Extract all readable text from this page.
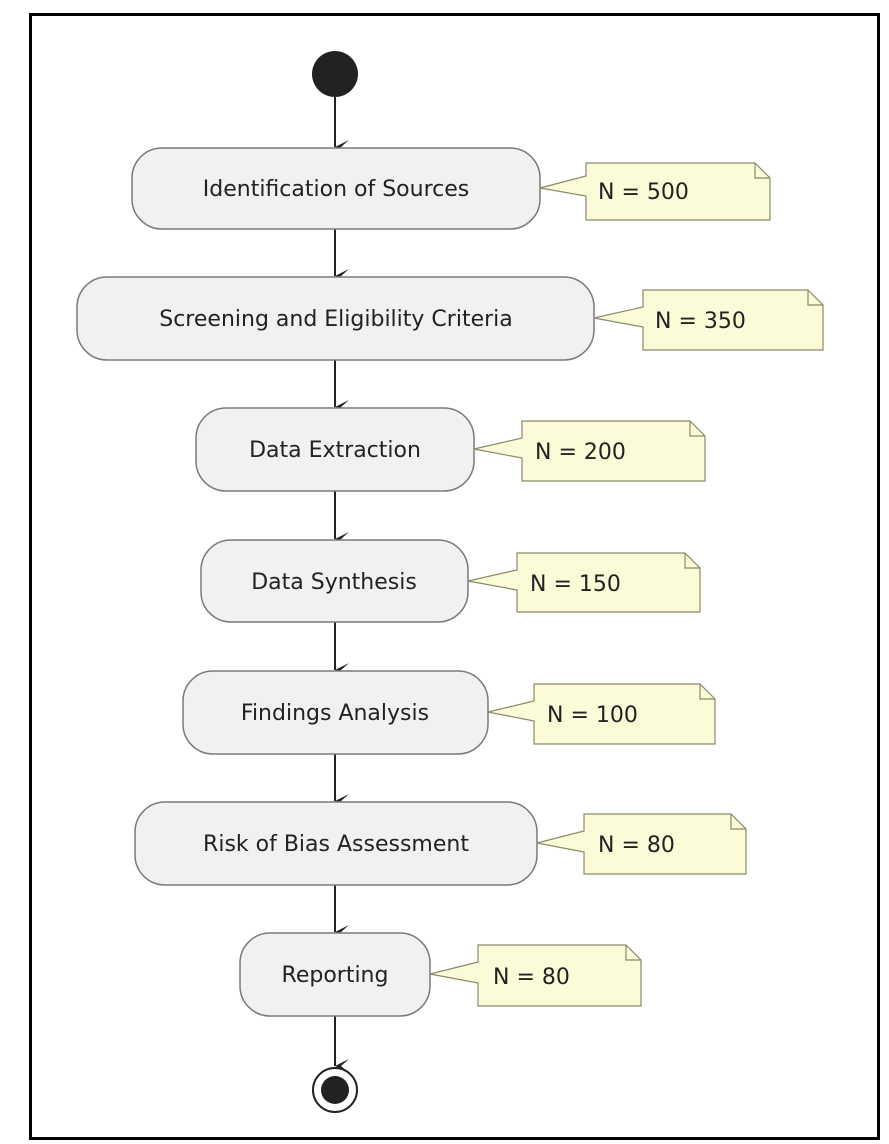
Identification of Sources	N = 500
Screening and Eligibility Criteria	N = 350
Data Extraction	N = 200
Data Synthesis	N = 150
Findings Analysis	N = 100
Risk of Bias Assessment	N = 80
Reporting	N = 80
